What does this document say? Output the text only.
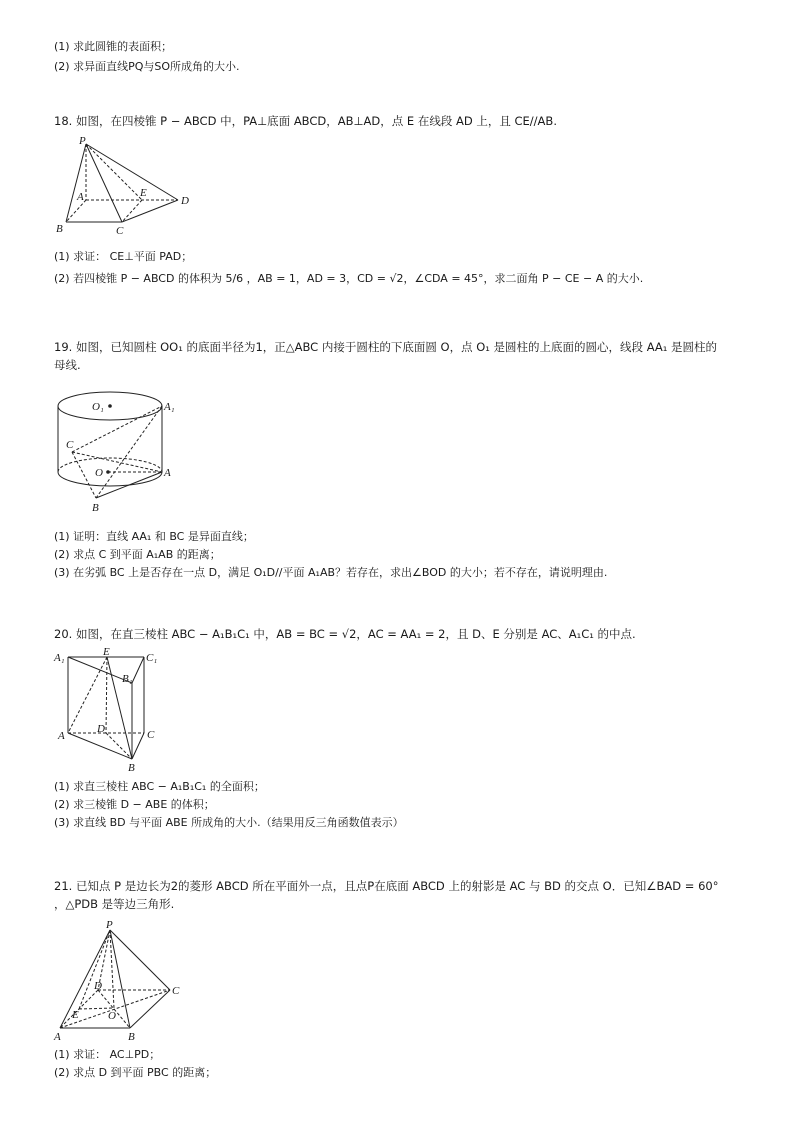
(1) 求此圆锥的表面积；
(2) 求异面直线PQ与SO所成角的大小.
18. 如图，在四棱锥 P − ABCD 中，PA⊥底面 ABCD，AB⊥AD，点 E 在线段 AD 上，且 CE//AB.
P
A
B	C
D
E
(1) 求证： CE⊥平面 PAD；
(2) 若四棱锥 P − ABCD 的体积为 5/6 ，AB = 1，AD = 3，CD = √2，∠CDA = 45°，求二面角 P − CE − A 的大小.
19. 如图，已知圆柱 OO₁ 的底面半径为1，正△ABC 内接于圆柱的下底面圆 O，点 O₁ 是圆柱的上底面的圆心，线段 AA₁ 是圆柱的
母线.
O₁	A₁
C
O	A
B
(1) 证明：直线 AA₁ 和 BC 是异面直线；
(2) 求点 C 到平面 A₁AB 的距离；
(3) 在劣弧 BC 上是否存在一点 D，满足 O₁D//平面 A₁AB？若存在，求出∠BOD 的大小；若不存在，请说明理由.
20. 如图，在直三棱柱 ABC − A₁B₁C₁ 中，AB = BC = √2，AC = AA₁ = 2，且 D、E 分别是 AC、A₁C₁ 的中点.
A₁	E	C₁
B₁
A
D	C
B
(1) 求直三棱柱 ABC − A₁B₁C₁ 的全面积；
(2) 求三棱锥 D − ABE 的体积；
(3) 求直线 BD 与平面 ABE 所成角的大小.（结果用反三角函数值表示）
21. 已知点 P 是边长为2的菱形 ABCD 所在平面外一点，且点P在底面 ABCD 上的射影是 AC 与 BD 的交点 O．已知∠BAD = 60°
，△PDB 是等边三角形.
P
D	C
E	O
A	B
(1) 求证： AC⊥PD；
(2) 求点 D 到平面 PBC 的距离；
